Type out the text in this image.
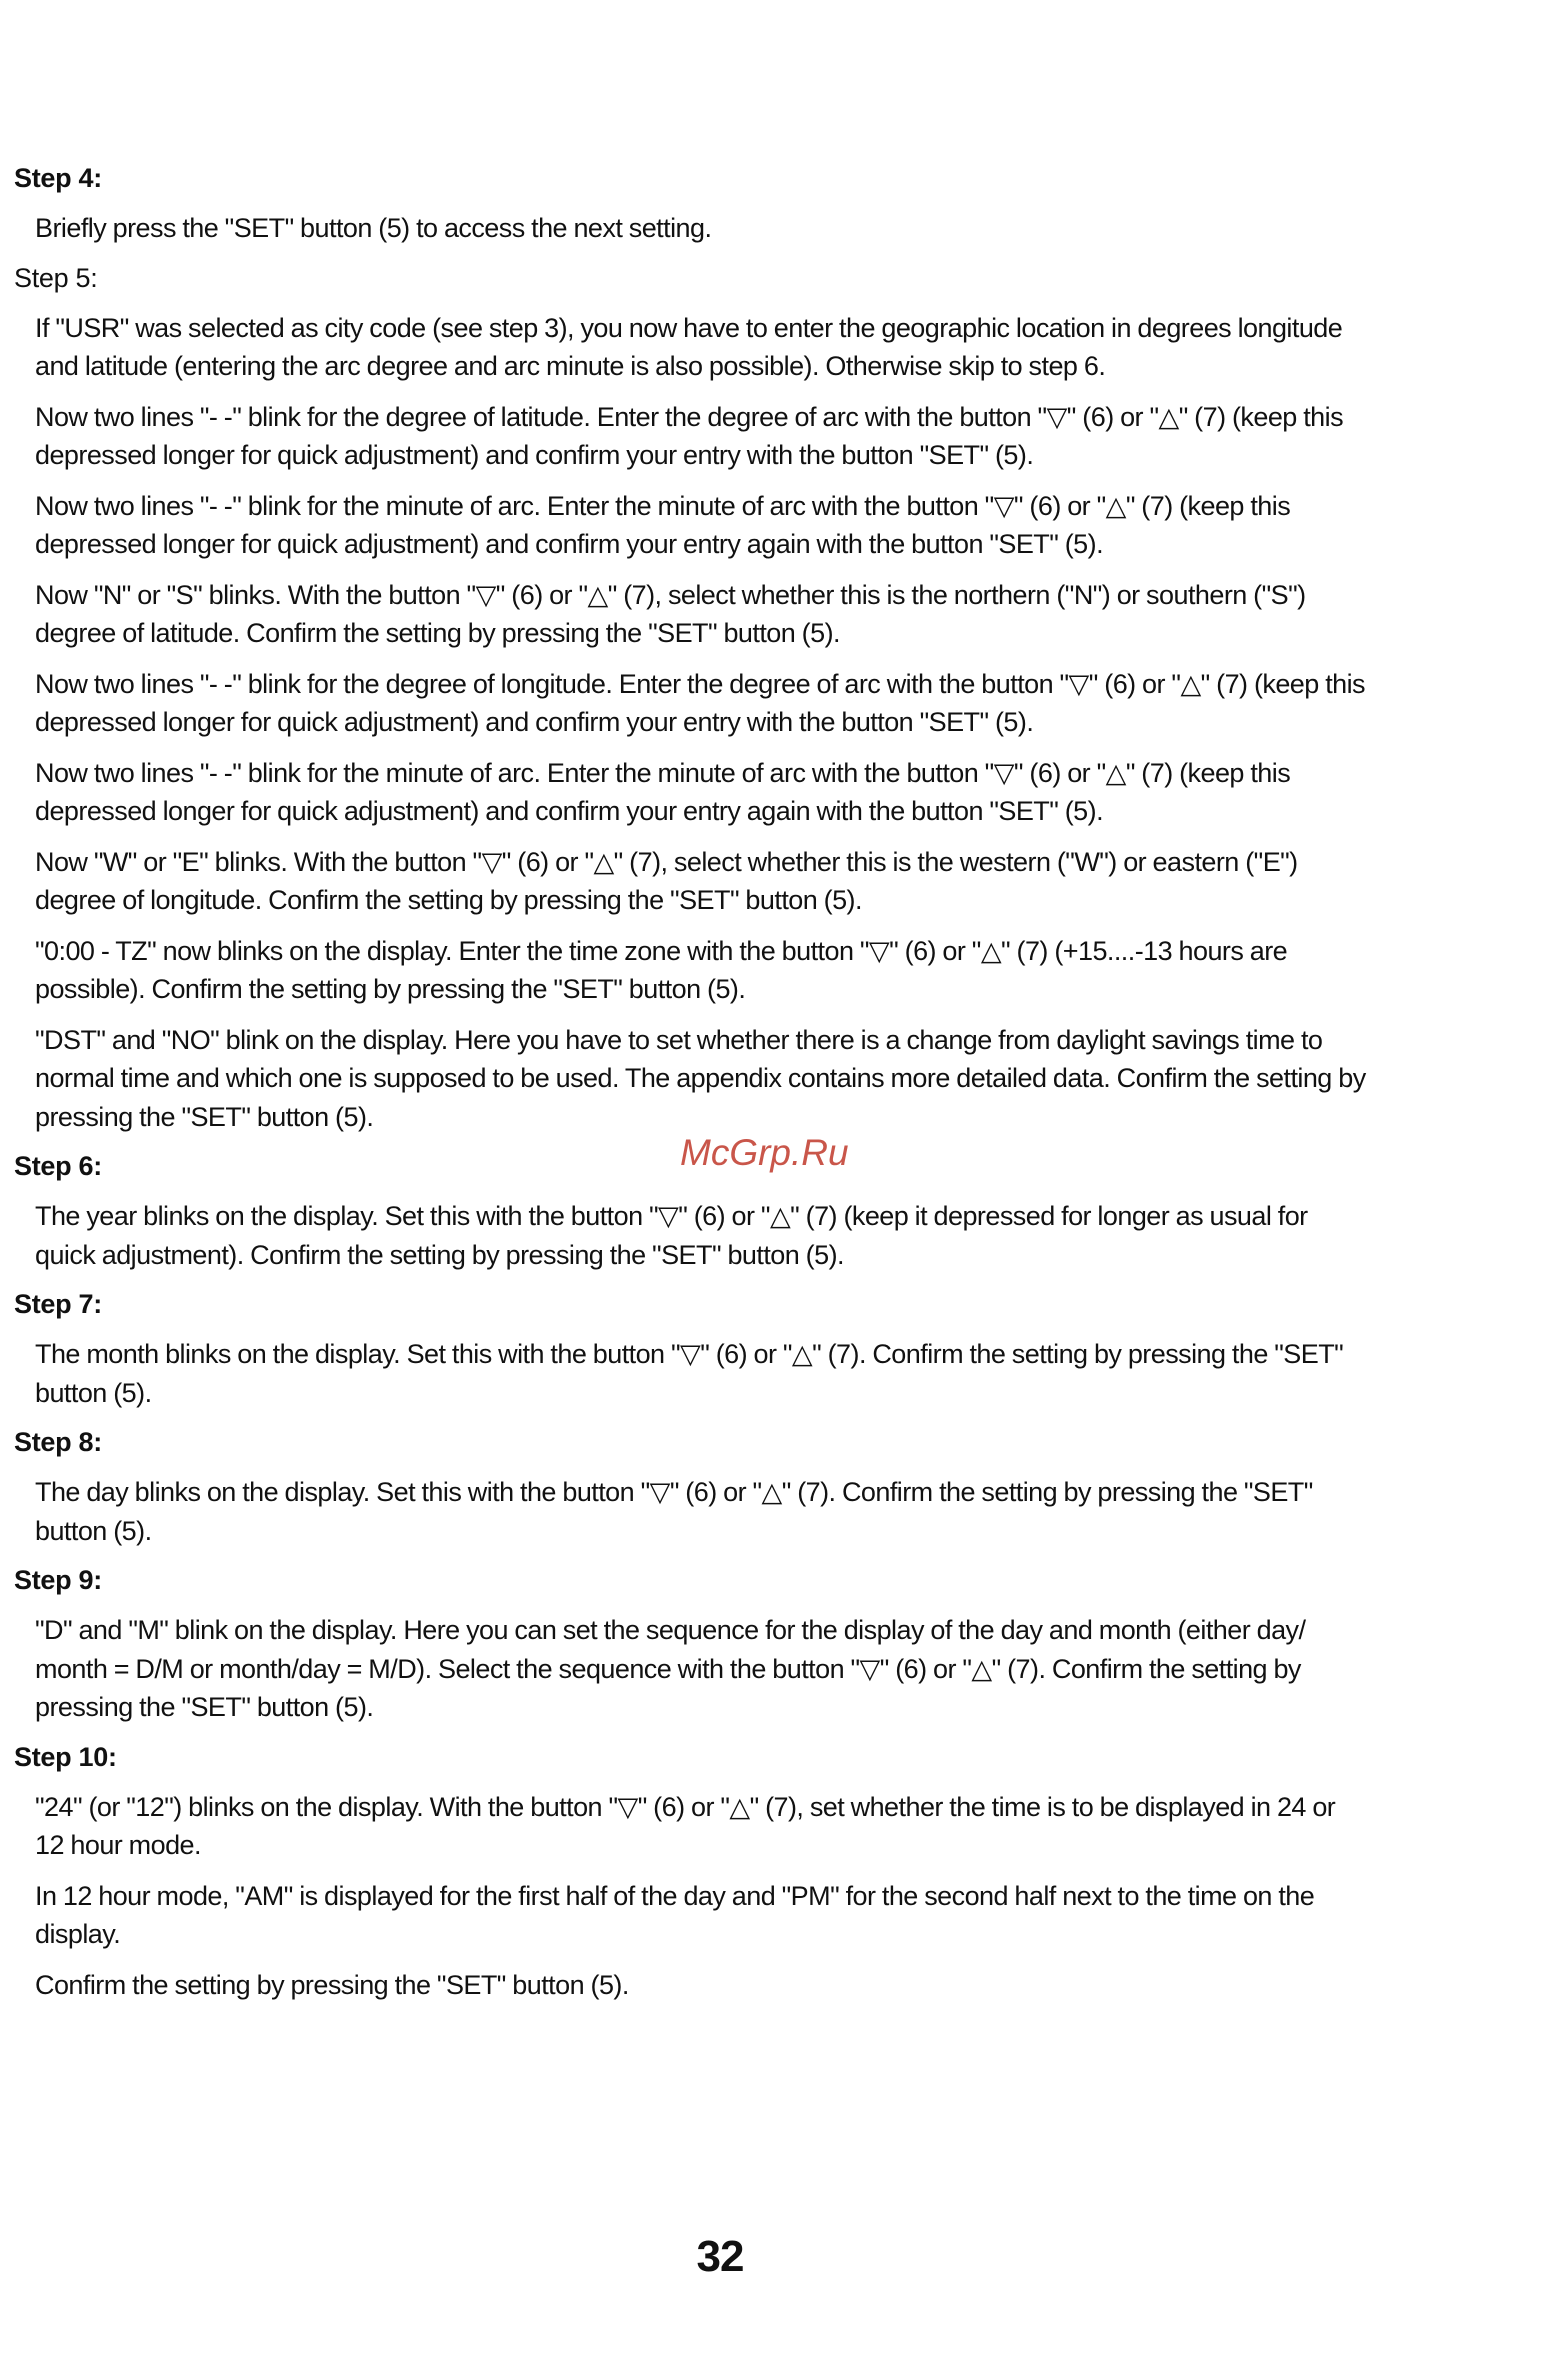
Step 4:

Briefly press the "SET" button (5) to access the next setting.

Step 5:

If "USR" was selected as city code (see step 3), you now have to enter the geographic location in degrees longitude and latitude (entering the arc degree and arc minute is also possible). Otherwise skip to step 6.

Now two lines "- -" blink for the degree of latitude. Enter the degree of arc with the button "▽" (6) or "△" (7) (keep this depressed longer for quick adjustment) and confirm your entry with the button "SET" (5).

Now two lines "- -" blink for the minute of arc. Enter the minute of arc with the button "▽" (6) or "△" (7) (keep this depressed longer for quick adjustment) and confirm your entry again with the button "SET" (5).

Now "N" or "S" blinks. With the button "▽" (6) or "△" (7), select whether this is the northern ("N") or southern ("S") degree of latitude. Confirm the setting by pressing the "SET" button (5).

Now two lines "- -" blink for the degree of longitude. Enter the degree of arc with the button "▽" (6) or "△" (7) (keep this depressed longer for quick adjustment) and confirm your entry with the button "SET" (5).

Now two lines "- -" blink for the minute of arc. Enter the minute of arc with the button "▽" (6) or "△" (7) (keep this depressed longer for quick adjustment) and confirm your entry again with the button "SET" (5).

Now "W" or "E" blinks. With the button "▽" (6) or "△" (7), select whether this is the western ("W") or eastern ("E") degree of longitude. Confirm the setting by pressing the "SET" button (5).

"0:00 - TZ" now blinks on the display. Enter the time zone with the button "▽" (6) or "△" (7) (+15....-13 hours are possible). Confirm the setting by pressing the "SET" button (5).

"DST" and "NO" blink on the display. Here you have to set whether there is a change from daylight savings time to normal time and which one is supposed to be used. The appendix contains more detailed data. Confirm the setting by pressing the "SET" button (5).

Step 6:

The year blinks on the display. Set this with the button "▽" (6) or "△" (7) (keep it depressed for longer as usual for quick adjustment). Confirm the setting by pressing the "SET" button (5).

Step 7:

The month blinks on the display. Set this with the button "▽" (6) or "△" (7). Confirm the setting by pressing the "SET" button (5).

Step 8:

The day blinks on the display. Set this with the button "▽" (6) or "△" (7). Confirm the setting by pressing the "SET" button (5).

Step 9:

"D" and "M" blink on the display. Here you can set the sequence for the display of the day and month (either day/ month = D/M or month/day = M/D). Select the sequence with the button "▽" (6) or "△" (7). Confirm the setting by pressing the "SET" button (5).

Step 10:

"24" (or "12") blinks on the display. With the button "▽" (6) or "△" (7), set whether the time is to be displayed in 24 or 12 hour mode.

In 12 hour mode, "AM" is displayed for the first half of the day and "PM" for the second half next to the time on the display.

Confirm the setting by pressing the "SET" button (5).

McGrp.Ru
32
